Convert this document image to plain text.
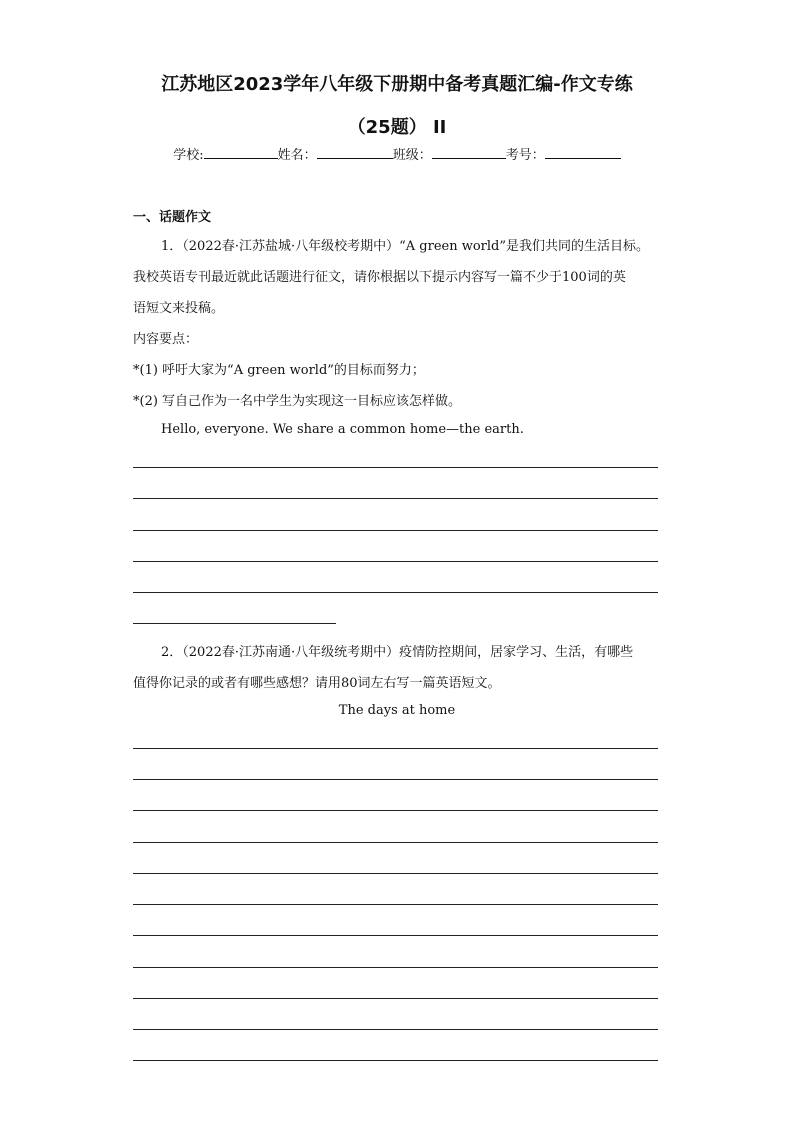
江苏地区2023学年八年级下册期中备考真题汇编-作文专练
（25题） II
学校:	姓名：	班级：	考号：
一、话题作文
1．（2022春·江苏盐城·八年级校考期中）“A green world”是我们共同的生活目标。
我校英语专刊最近就此话题进行征文，请你根据以下提示内容写一篇不少于100词的英
语短文来投稿。
内容要点：
*(1) 呼吁大家为“A green world”的目标而努力；
*(2) 写自己作为一名中学生为实现这一目标应该怎样做。
Hello, everyone. We share a common home—the earth.
2．（2022春·江苏南通·八年级统考期中）疫情防控期间，居家学习、生活，有哪些
值得你记录的或者有哪些感想？请用80词左右写一篇英语短文。
The days at home
